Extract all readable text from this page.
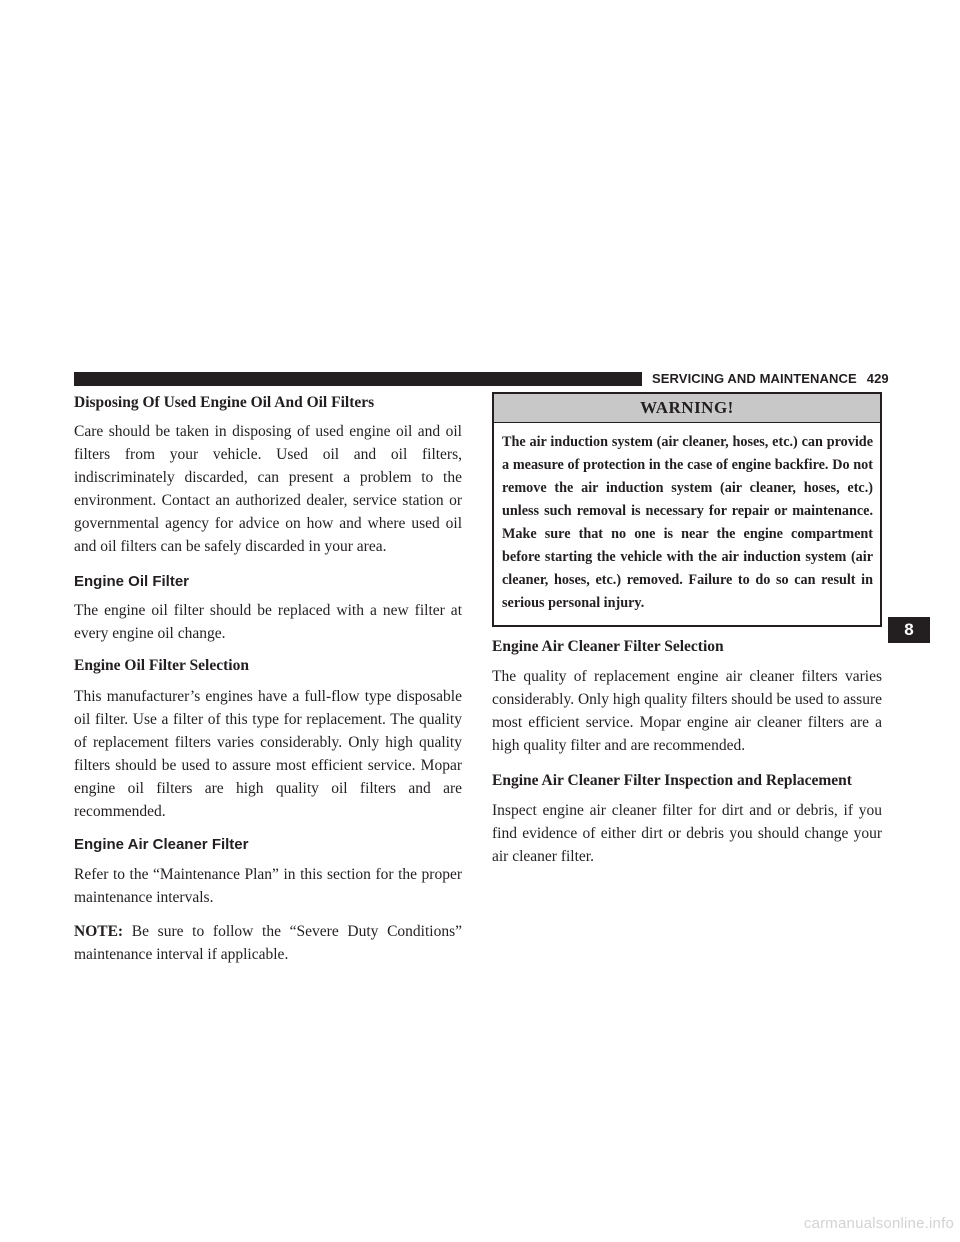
SERVICING AND MAINTENANCE 429
Disposing Of Used Engine Oil And Oil Filters

Care should be taken in disposing of used engine oil and oil filters from your vehicle. Used oil and oil filters, indiscriminately discarded, can present a problem to the environment. Contact an authorized dealer, service station or governmental agency for advice on how and where used oil and oil filters can be safely discarded in your area.

Engine Oil Filter

The engine oil filter should be replaced with a new filter at every engine oil change.

Engine Oil Filter Selection

This manufacturer’s engines have a full-flow type disposable oil filter. Use a filter of this type for replacement. The quality of replacement filters varies considerably. Only high quality filters should be used to assure most efficient service. Mopar engine oil filters are high quality oil filters and are recommended.

Engine Air Cleaner Filter

Refer to the “Maintenance Plan” in this section for the proper maintenance intervals.

NOTE: Be sure to follow the “Severe Duty Conditions” maintenance interval if applicable.

WARNING!
The air induction system (air cleaner, hoses, etc.) can provide a measure of protection in the case of engine backfire. Do not remove the air induction system (air cleaner, hoses, etc.) unless such removal is necessary for repair or maintenance. Make sure that no one is near the engine compartment before starting the vehicle with the air induction system (air cleaner, hoses, etc.) removed. Failure to do so can result in serious personal injury.
Engine Air Cleaner Filter Selection

The quality of replacement engine air cleaner filters varies considerably. Only high quality filters should be used to assure most efficient service. Mopar engine air cleaner filters are a high quality filter and are recommended.

Engine Air Cleaner Filter Inspection and Replacement

Inspect engine air cleaner filter for dirt and or debris, if you find evidence of either dirt or debris you should change your air cleaner filter.

8
carmanualsonline.info
